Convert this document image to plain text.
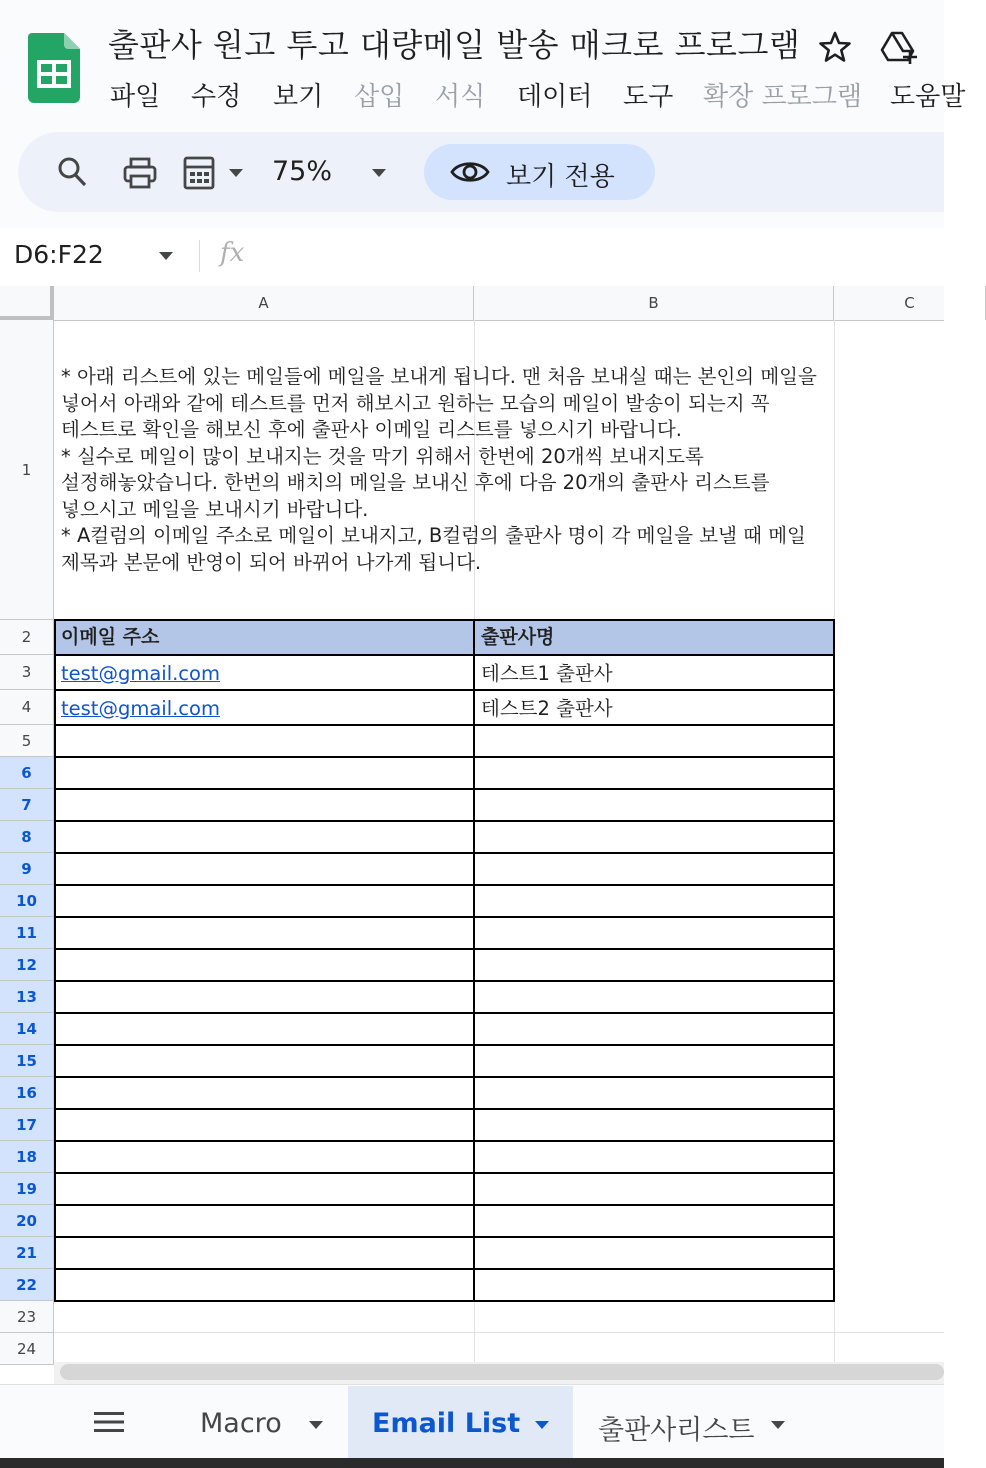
출판사 원고 투고 대량메일 발송 매크로 프로그램
파일 수정 보기 삽입 서식 데이터 도구 확장 프로그램 도움말
75%	보기 전용
D6:F22	fx
A	B	C
1
2
3
4
5
6
7
8
9
10
11
12
13
14
15
16
17
18
19
20
21
22
23
24
* 아래 리스트에 있는 메일들에 메일을 보내게 됩니다. 맨 처음 보내실 때는 본인의 메일을
넣어서 아래와 같에 테스트를 먼저 해보시고 원하는 모습의 메일이 발송이 되는지 꼭
테스트로 확인을 해보신 후에 출판사 이메일 리스트를 넣으시기 바랍니다.
* 실수로 메일이 많이 보내지는 것을 막기 위해서 한번에 20개씩 보내지도록
설정해놓았습니다. 한번의 배치의 메일을 보내신 후에 다음 20개의 출판사 리스트를
넣으시고 메일을 보내시기 바랍니다.
* A컬럼의 이메일 주소로 메일이 보내지고, B컬럼의 출판사 명이 각 메일을 보낼 때 메일
제목과 본문에 반영이 되어 바뀌어 나가게 됩니다.
이메일 주소	출판사명
test@gmail.com	테스트1 출판사
test@gmail.com	테스트2 출판사
Macro	Email List	출판사리스트
